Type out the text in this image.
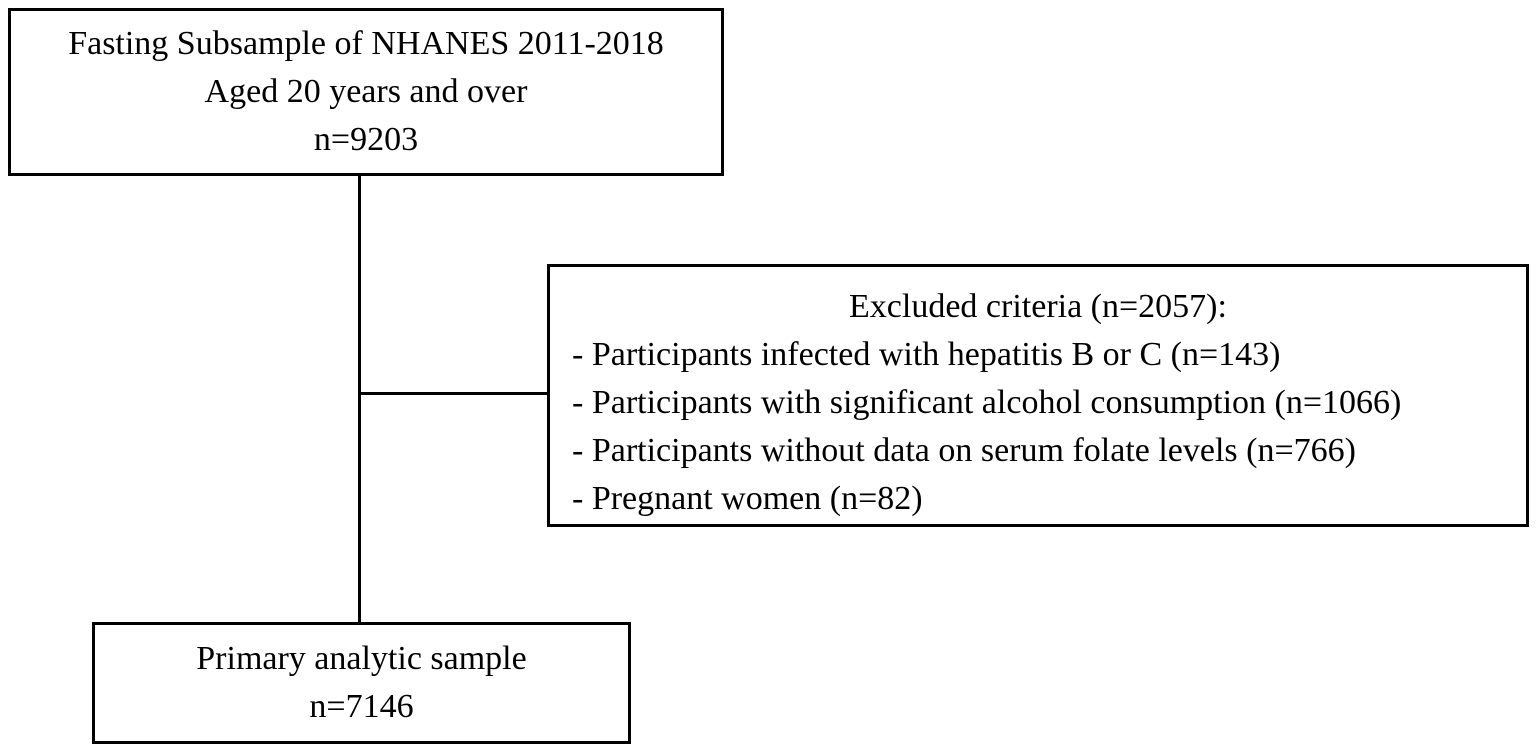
Fasting Subsample of NHANES 2011-2018
Aged 20 years and over
n=9203
Excluded criteria (n=2057):
- Participants infected with hepatitis B or C (n=143)
- Participants with significant alcohol consumption (n=1066)
- Participants without data on serum folate levels (n=766)
- Pregnant women (n=82)
Primary analytic sample
n=7146
